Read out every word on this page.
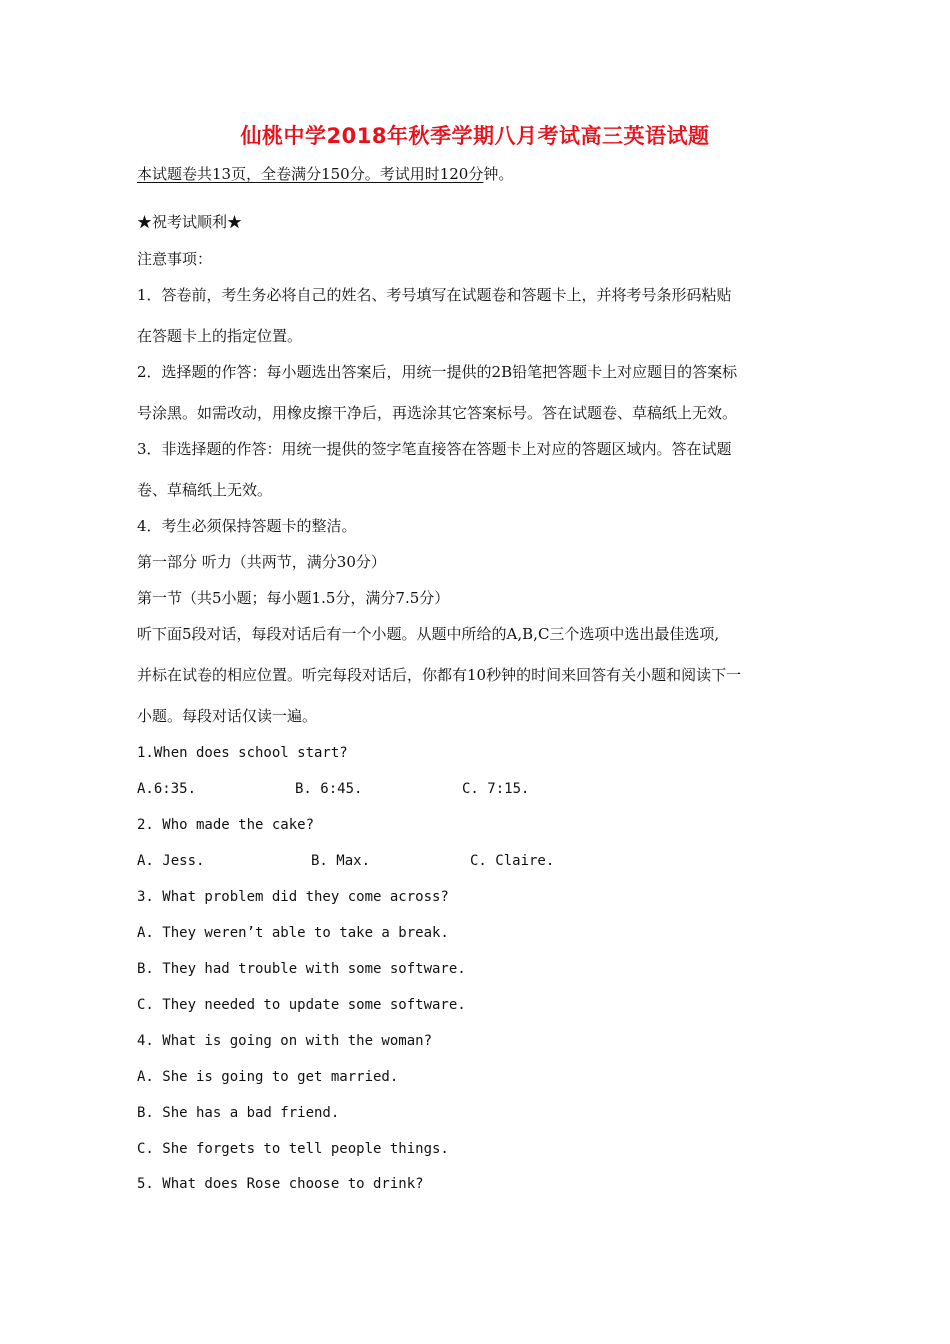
仙桃中学2018年秋季学期八月考试高三英语试题
本试题卷共13页，全卷满分150分。考试用时120分钟。
★祝考试顺利★
注意事项：
1．答卷前，考生务必将自己的姓名、考号填写在试题卷和答题卡上，并将考号条形码粘贴
在答题卡上的指定位置。
2．选择题的作答：每小题选出答案后，用统一提供的2B铅笔把答题卡上对应题目的答案标
号涂黑。如需改动，用橡皮擦干净后，再选涂其它答案标号。答在试题卷、草稿纸上无效。
3．非选择题的作答：用统一提供的签字笔直接答在答题卡上对应的答题区域内。答在试题
卷、草稿纸上无效。
4．考生必须保持答题卡的整洁。
第一部分 听力（共两节，满分30分）
第一节（共5小题；每小题1.5分，满分7.5分）
听下面5段对话，每段对话后有一个小题。从题中所给的A,B,C三个选项中选出最佳选项,
并标在试卷的相应位置。听完每段对话后，你都有10秒钟的时间来回答有关小题和阅读下一
小题。每段对话仅读一遍。
1.When does school start?
A.6:35.	B. 6:45.	C. 7:15.
2. Who made the cake?
A. Jess.	B. Max.	C. Claire.
3. What problem did they come across?
A. They weren’t able to take a break.
B. They had trouble with some software.
C. They needed to update some software.
4. What is going on with the woman?
A. She is going to get married.
B. She has a bad friend.
C. She forgets to tell people things.
5. What does Rose choose to drink?
